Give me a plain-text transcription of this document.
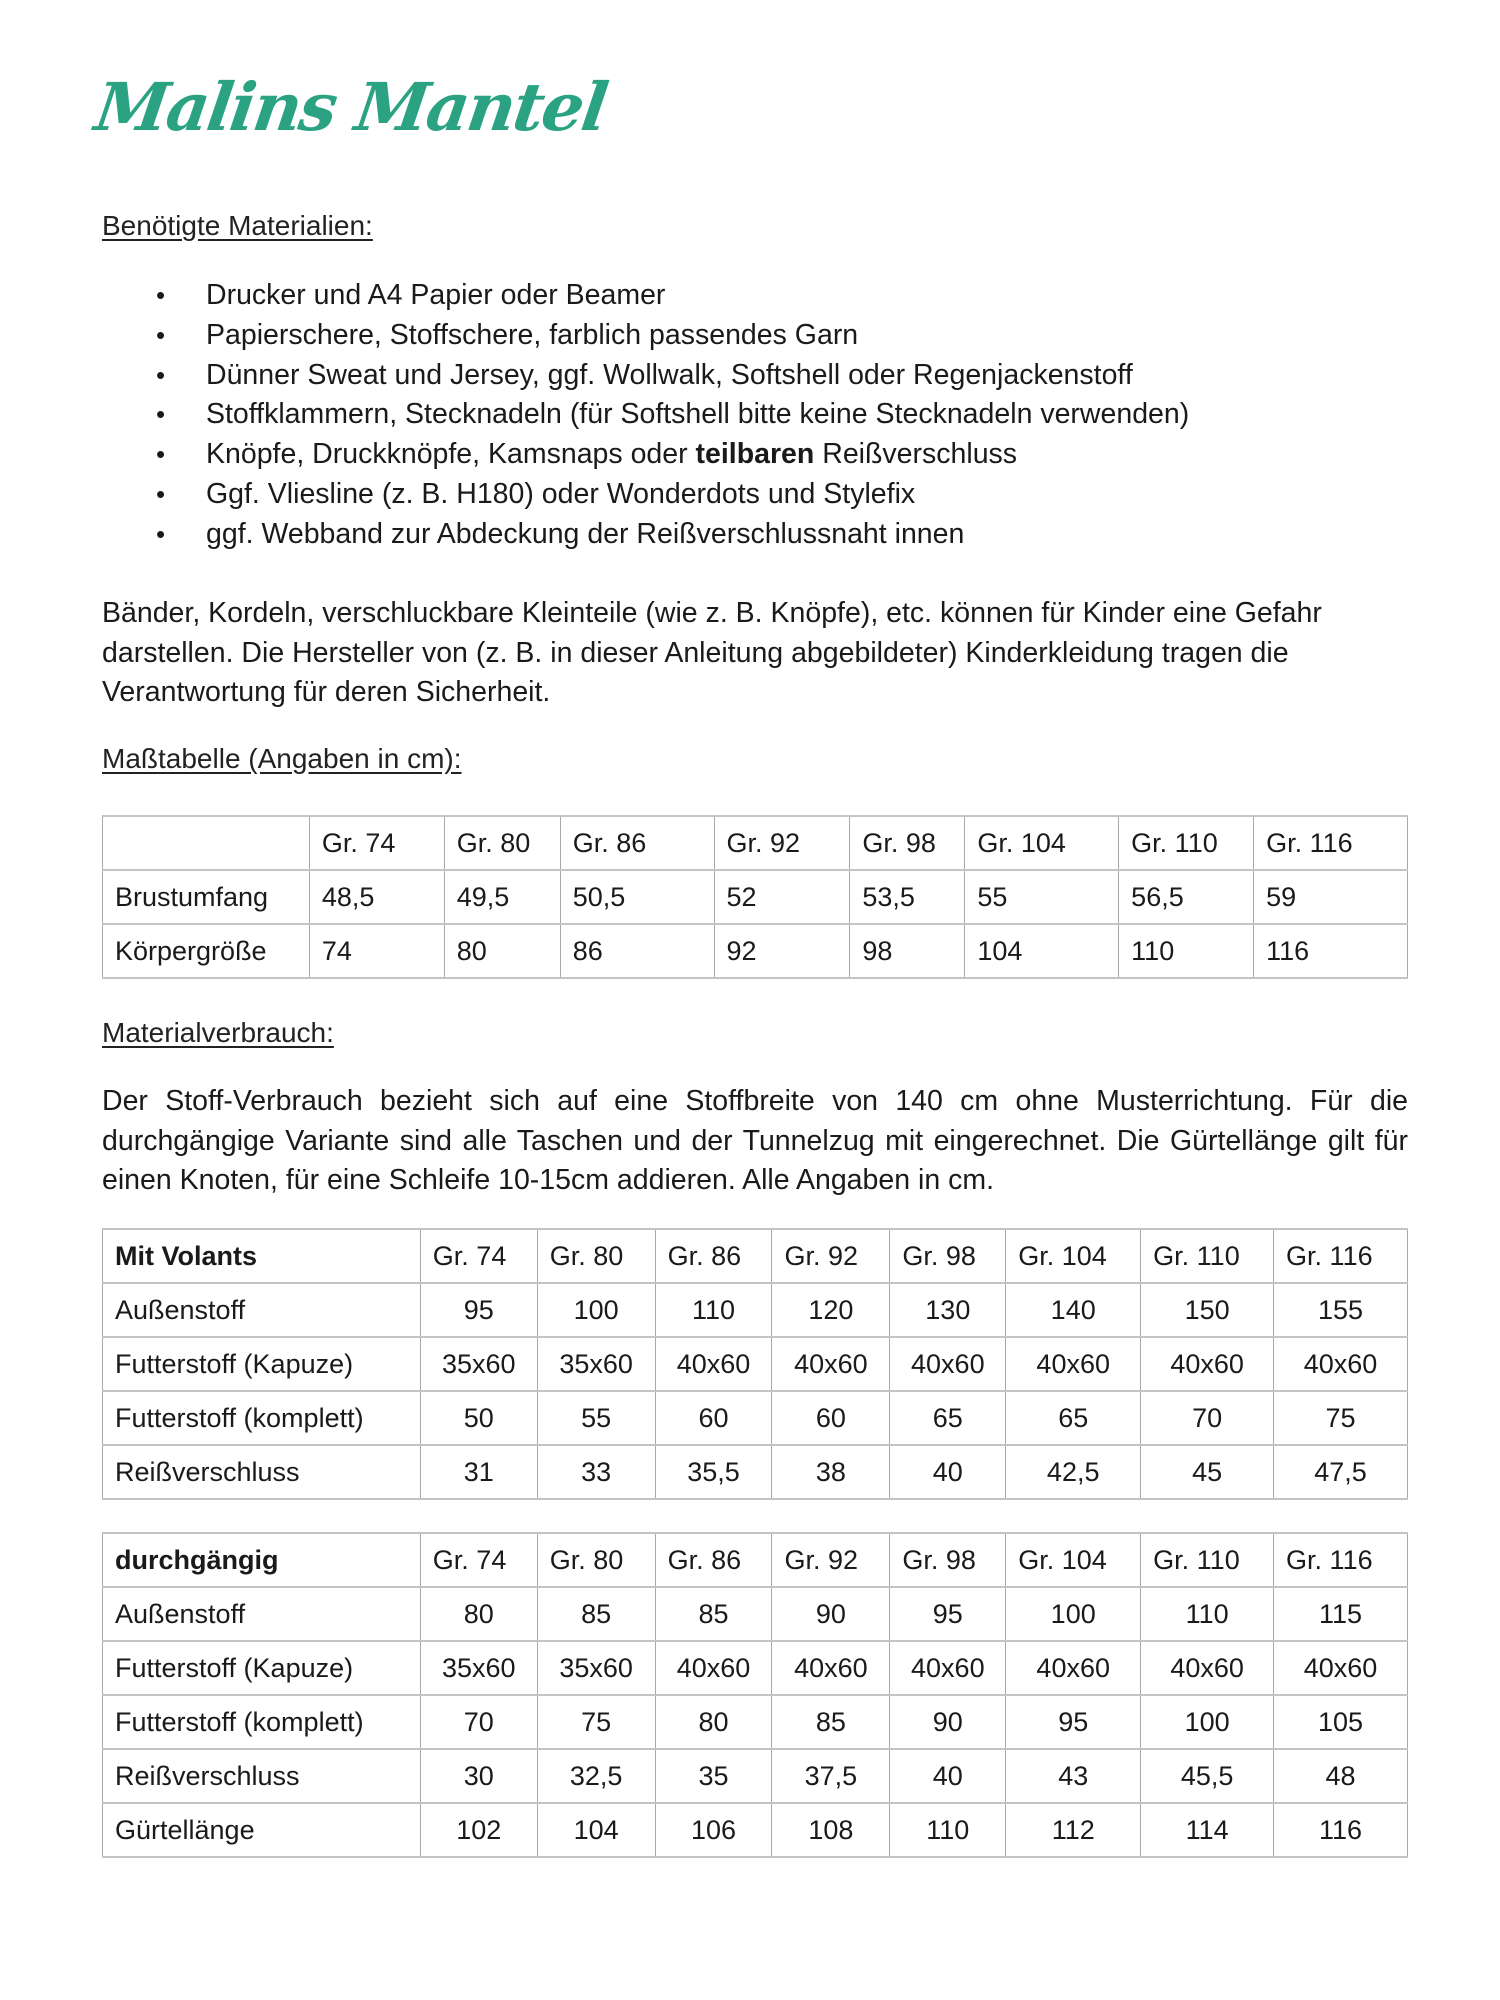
Malins Mantel
Benötigte Materialien:
• Drucker und A4 Papier oder Beamer
• Papierschere, Stoffschere, farblich passendes Garn
• Dünner Sweat und Jersey, ggf. Wollwalk, Softshell oder Regenjackenstoff
• Stoffklammern, Stecknadeln (für Softshell bitte keine Stecknadeln verwenden)
• Knöpfe, Druckknöpfe, Kamsnaps oder teilbaren Reißverschluss
• Ggf. Vliesline (z. B. H180) oder Wonderdots und Stylefix
• ggf. Webband zur Abdeckung der Reißverschlussnaht innen

Bänder, Kordeln, verschluckbare Kleinteile (wie z. B. Knöpfe), etc. können für Kinder eine Gefahr darstellen. Die Hersteller von (z. B. in dieser Anleitung abgebildeter) Kinderkleidung tragen die Verantwortung für deren Sicherheit.

Maßtabelle (Angaben in cm):
	Gr. 74	Gr. 80	Gr. 86	Gr. 92	Gr. 98	Gr. 104	Gr. 110	Gr. 116
Brustumfang	48,5	49,5	50,5	52	53,5	55	56,5	59
Körpergröße	74	80	86	92	98	104	110	116
Materialverbrauch:

Der Stoff-Verbrauch bezieht sich auf eine Stoffbreite von 140 cm ohne Musterrichtung. Für die durchgängige Variante sind alle Taschen und der Tunnelzug mit eingerechnet. Die Gürtellänge gilt für einen Knoten, für eine Schleife 10-15cm addieren. Alle Angaben in cm.

Mit Volants	Gr. 74	Gr. 80	Gr. 86	Gr. 92	Gr. 98	Gr. 104	Gr. 110	Gr. 116
Außenstoff	95	100	110	120	130	140	150	155
Futterstoff (Kapuze)	35x60	35x60	40x60	40x60	40x60	40x60	40x60	40x60
Futterstoff (komplett)	50	55	60	60	65	65	70	75
Reißverschluss	31	33	35,5	38	40	42,5	45	47,5
durchgängig	Gr. 74	Gr. 80	Gr. 86	Gr. 92	Gr. 98	Gr. 104	Gr. 110	Gr. 116
Außenstoff	80	85	85	90	95	100	110	115
Futterstoff (Kapuze)	35x60	35x60	40x60	40x60	40x60	40x60	40x60	40x60
Futterstoff (komplett)	70	75	80	85	90	95	100	105
Reißverschluss	30	32,5	35	37,5	40	43	45,5	48
Gürtellänge	102	104	106	108	110	112	114	116
